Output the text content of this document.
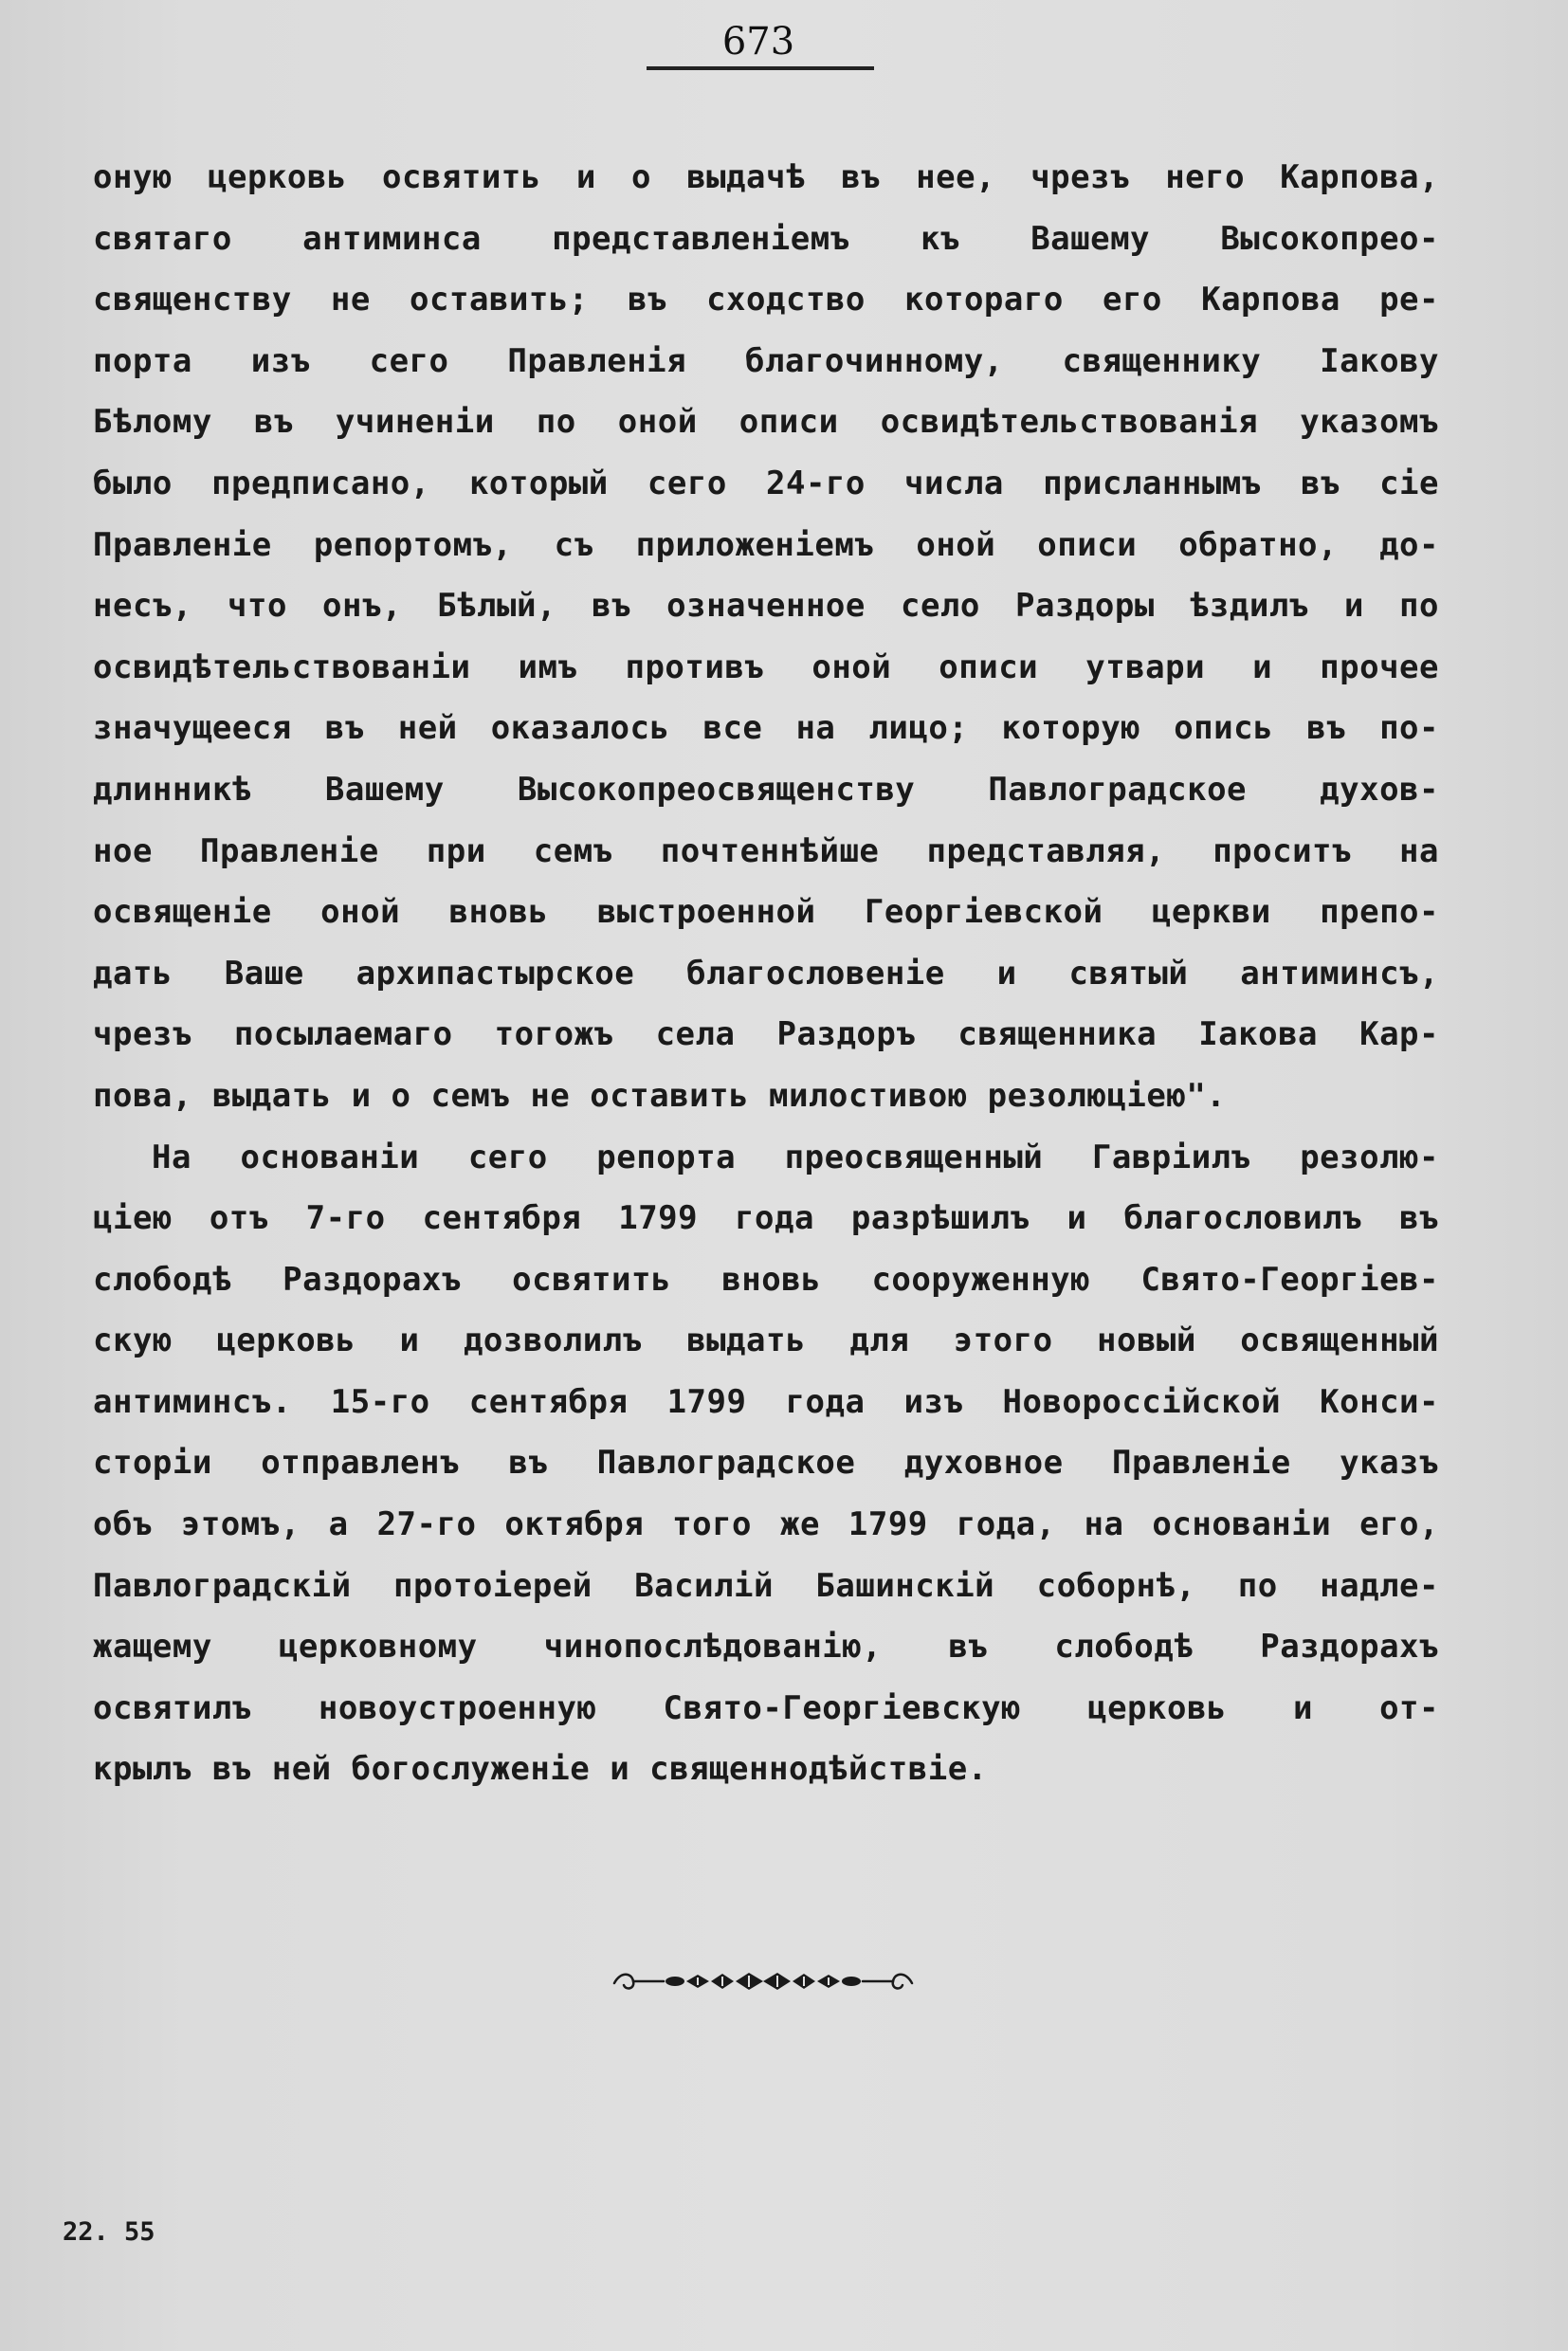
673
оную церковь освятить и о выдачѣ въ нее, чрезъ него Карпова,
святаго антиминса представленіемъ къ Вашему Высокопрео-
священству не оставить; въ сходство котораго его Карпова ре-
порта изъ сего Правленія благочинному, священнику Іакову
Бѣлому въ учиненіи по оной описи освидѣтельствованія указомъ
было предписано, который сего 24-го числа присланнымъ въ сіе
Правленіе репортомъ, съ приложеніемъ оной описи обратно, до-
несъ, что онъ, Бѣлый, въ означенное село Раздоры ѣздилъ и по
освидѣтельствованіи имъ противъ оной описи утвари и прочее
значущееся въ ней оказалось все на лицо; которую опись въ по-
длинникѣ Вашему Высокопреосвященству Павлоградское духов-
ное Правленіе при семъ почтеннѣйше представляя, проситъ на
освященіе оной вновь выстроенной Георгіевской церкви препо-
дать Ваше архипастырское благословеніе и святый антиминсъ,
чрезъ посылаемаго тогожъ села Раздоръ священника Іакова Кар-
пова, выдать и о семъ не оставить милостивою резолюціею".
На основаніи сего репорта преосвященный Гавріилъ резолю-
ціею отъ 7-го сентября 1799 года разрѣшилъ и благословилъ въ
слободѣ Раздорахъ освятить вновь сооруженную Свято-Георгіев-
скую церковь и дозволилъ выдать для этого новый освященный
антиминсъ. 15-го сентября 1799 года изъ Новороссійской Конси-
сторіи отправленъ въ Павлоградское духовное Правленіе указъ
объ этомъ, а 27-го октября того же 1799 года, на основаніи его,
Павлоградскій протоіерей Василій Башинскій соборнѣ, по надле-
жащему церковному чинопослѣдованію, въ слободѣ Раздорахъ
освятилъ новоустроенную Свято-Георгіевскую церковь и от-
крылъ въ ней богослуженіе и священнодѣйствіе.
22. 55
